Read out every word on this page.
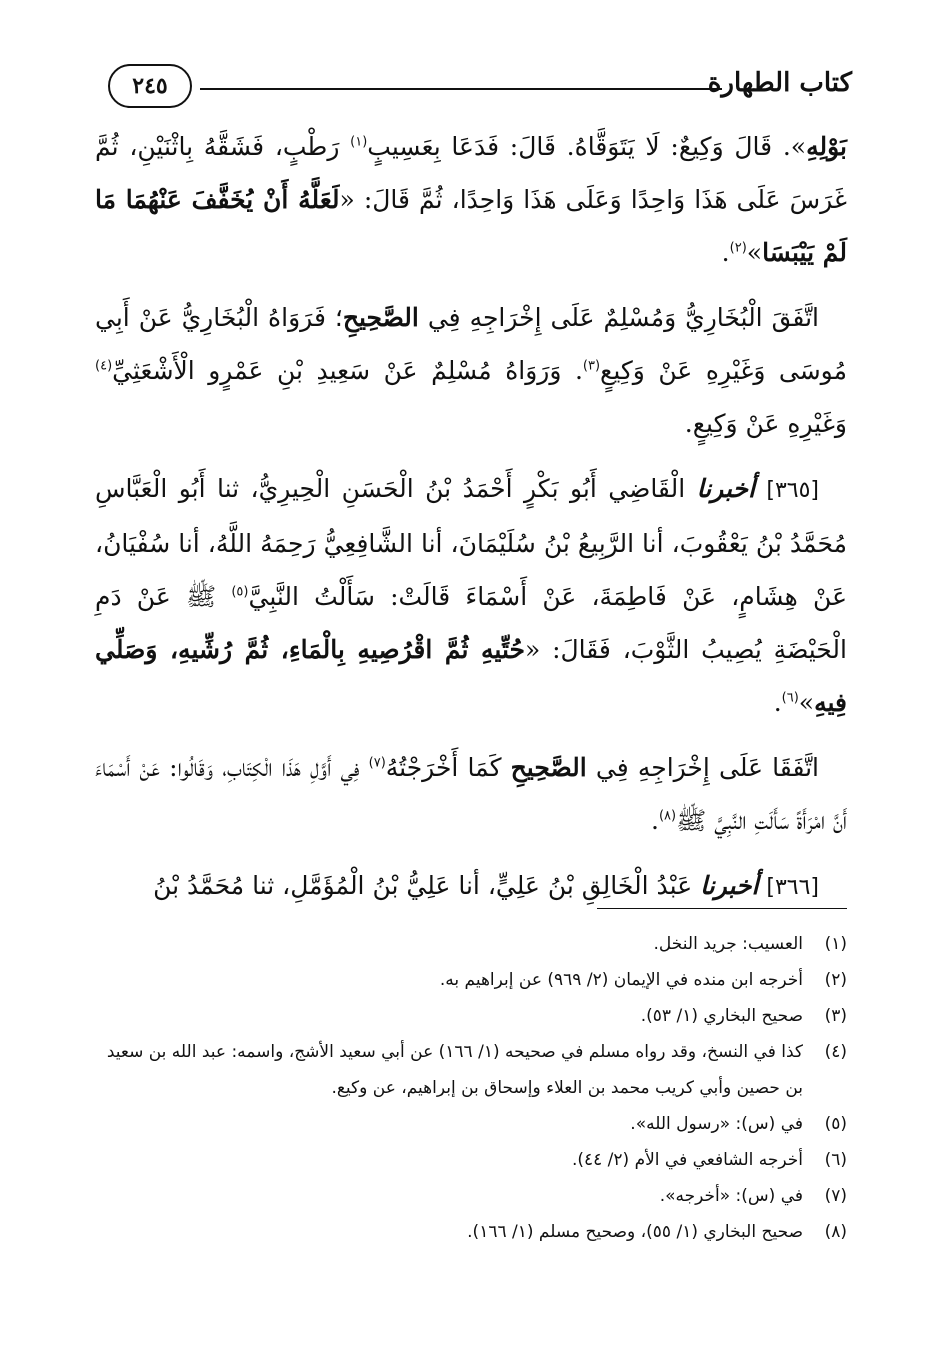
كتاب الطهارة
٢٤٥

بَوْلِهِ». قَالَ وَكِيعٌ: لَا يَتَوَقَّاهُ. قَالَ: فَدَعَا بِعَسِيبٍ$^{(١)}$ رَطْبٍ، فَشَقَّهُ بِاثْنَيْنِ، ثُمَّ غَرَسَ عَلَى هَذَا وَاحِدًا وَعَلَى هَذَا وَاحِدًا، ثُمَّ قَالَ: «لَعَلَّهُ أَنْ يُخَفَّفَ عَنْهُمَا مَا لَمْ يَيْبَسَا»$^{(٢)}$.

اتَّفَقَ الْبُخَارِيُّ وَمُسْلِمٌ عَلَى إِخْرَاجِهِ فِي الصَّحِيحِ؛ فَرَوَاهُ الْبُخَارِيُّ عَنْ أَبِي مُوسَى وَغَيْرِهِ عَنْ وَكِيعٍ$^{(٣)}$. وَرَوَاهُ مُسْلِمٌ عَنْ سَعِيدِ بْنِ عَمْرٍو الْأَشْعَثِيِّ$^{(٤)}$ وَغَيْرِهِ عَنْ وَكِيعٍ.

[٣٦٥] أخبرنا الْقَاضِي أَبُو بَكْرٍ أَحْمَدُ بْنُ الْحَسَنِ الْحِيرِيُّ، ثنا أَبُو الْعَبَّاسِ مُحَمَّدُ بْنُ يَعْقُوبَ، أنا الرَّبِيعُ بْنُ سُلَيْمَانَ، أنا الشَّافِعِيُّ رَحِمَهُ اللَّهُ، أنا سُفْيَانُ، عَنْ هِشَامٍ، عَنْ فَاطِمَةَ، عَنْ أَسْمَاءَ قَالَتْ: سَأَلْتُ النَّبِيَّ$^{(٥)}$ ﷺ عَنْ دَمِ الْحَيْضَةِ يُصِيبُ الثَّوْبَ، فَقَالَ: «حُتِّيهِ ثُمَّ اقْرُصِيهِ بِالْمَاءِ، ثُمَّ رُشِّيهِ، وَصَلِّي فِيهِ»$^{(٦)}$.

اتَّفَقَا عَلَى إِخْرَاجِهِ فِي الصَّحِيحِ كَمَا أَخْرَجْتُهُ$^{(٧)}$ فِي أَوَّلِ هَذَا الْكِتَابِ، وَقَالُوا: عَنْ أَسْمَاءَ أَنَّ امْرَأَةً سَأَلَتِ النَّبِيَّ ﷺ$^{(٨)}$.

[٣٦٦] أخبرنا عَبْدُ الْخَالِقِ بْنُ عَلِيٍّ، أنا عَلِيُّ بْنُ الْمُؤَمَّلِ، ثنا مُحَمَّدُ بْنُ

(١)
العسيب: جريد النخل.
(٢)
أخرجه ابن منده في الإيمان (٢/ ٩٦٩) عن إبراهيم به.
(٣)
صحيح البخاري (١/ ٥٣).
(٤)
كذا في النسخ، وقد رواه مسلم في صحيحه (١/ ١٦٦) عن أبي سعيد الأشج، واسمه: عبد الله بن سعيد بن حصين وأبي كريب محمد بن العلاء وإسحاق بن إبراهيم، عن وكيع.
(٥)
في (س): «رسول الله».
(٦)
أخرجه الشافعي في الأم (٢/ ٤٤).
(٧)
في (س): «أخرجه».
(٨)
صحيح البخاري (١/ ٥٥)، وصحيح مسلم (١/ ١٦٦).
